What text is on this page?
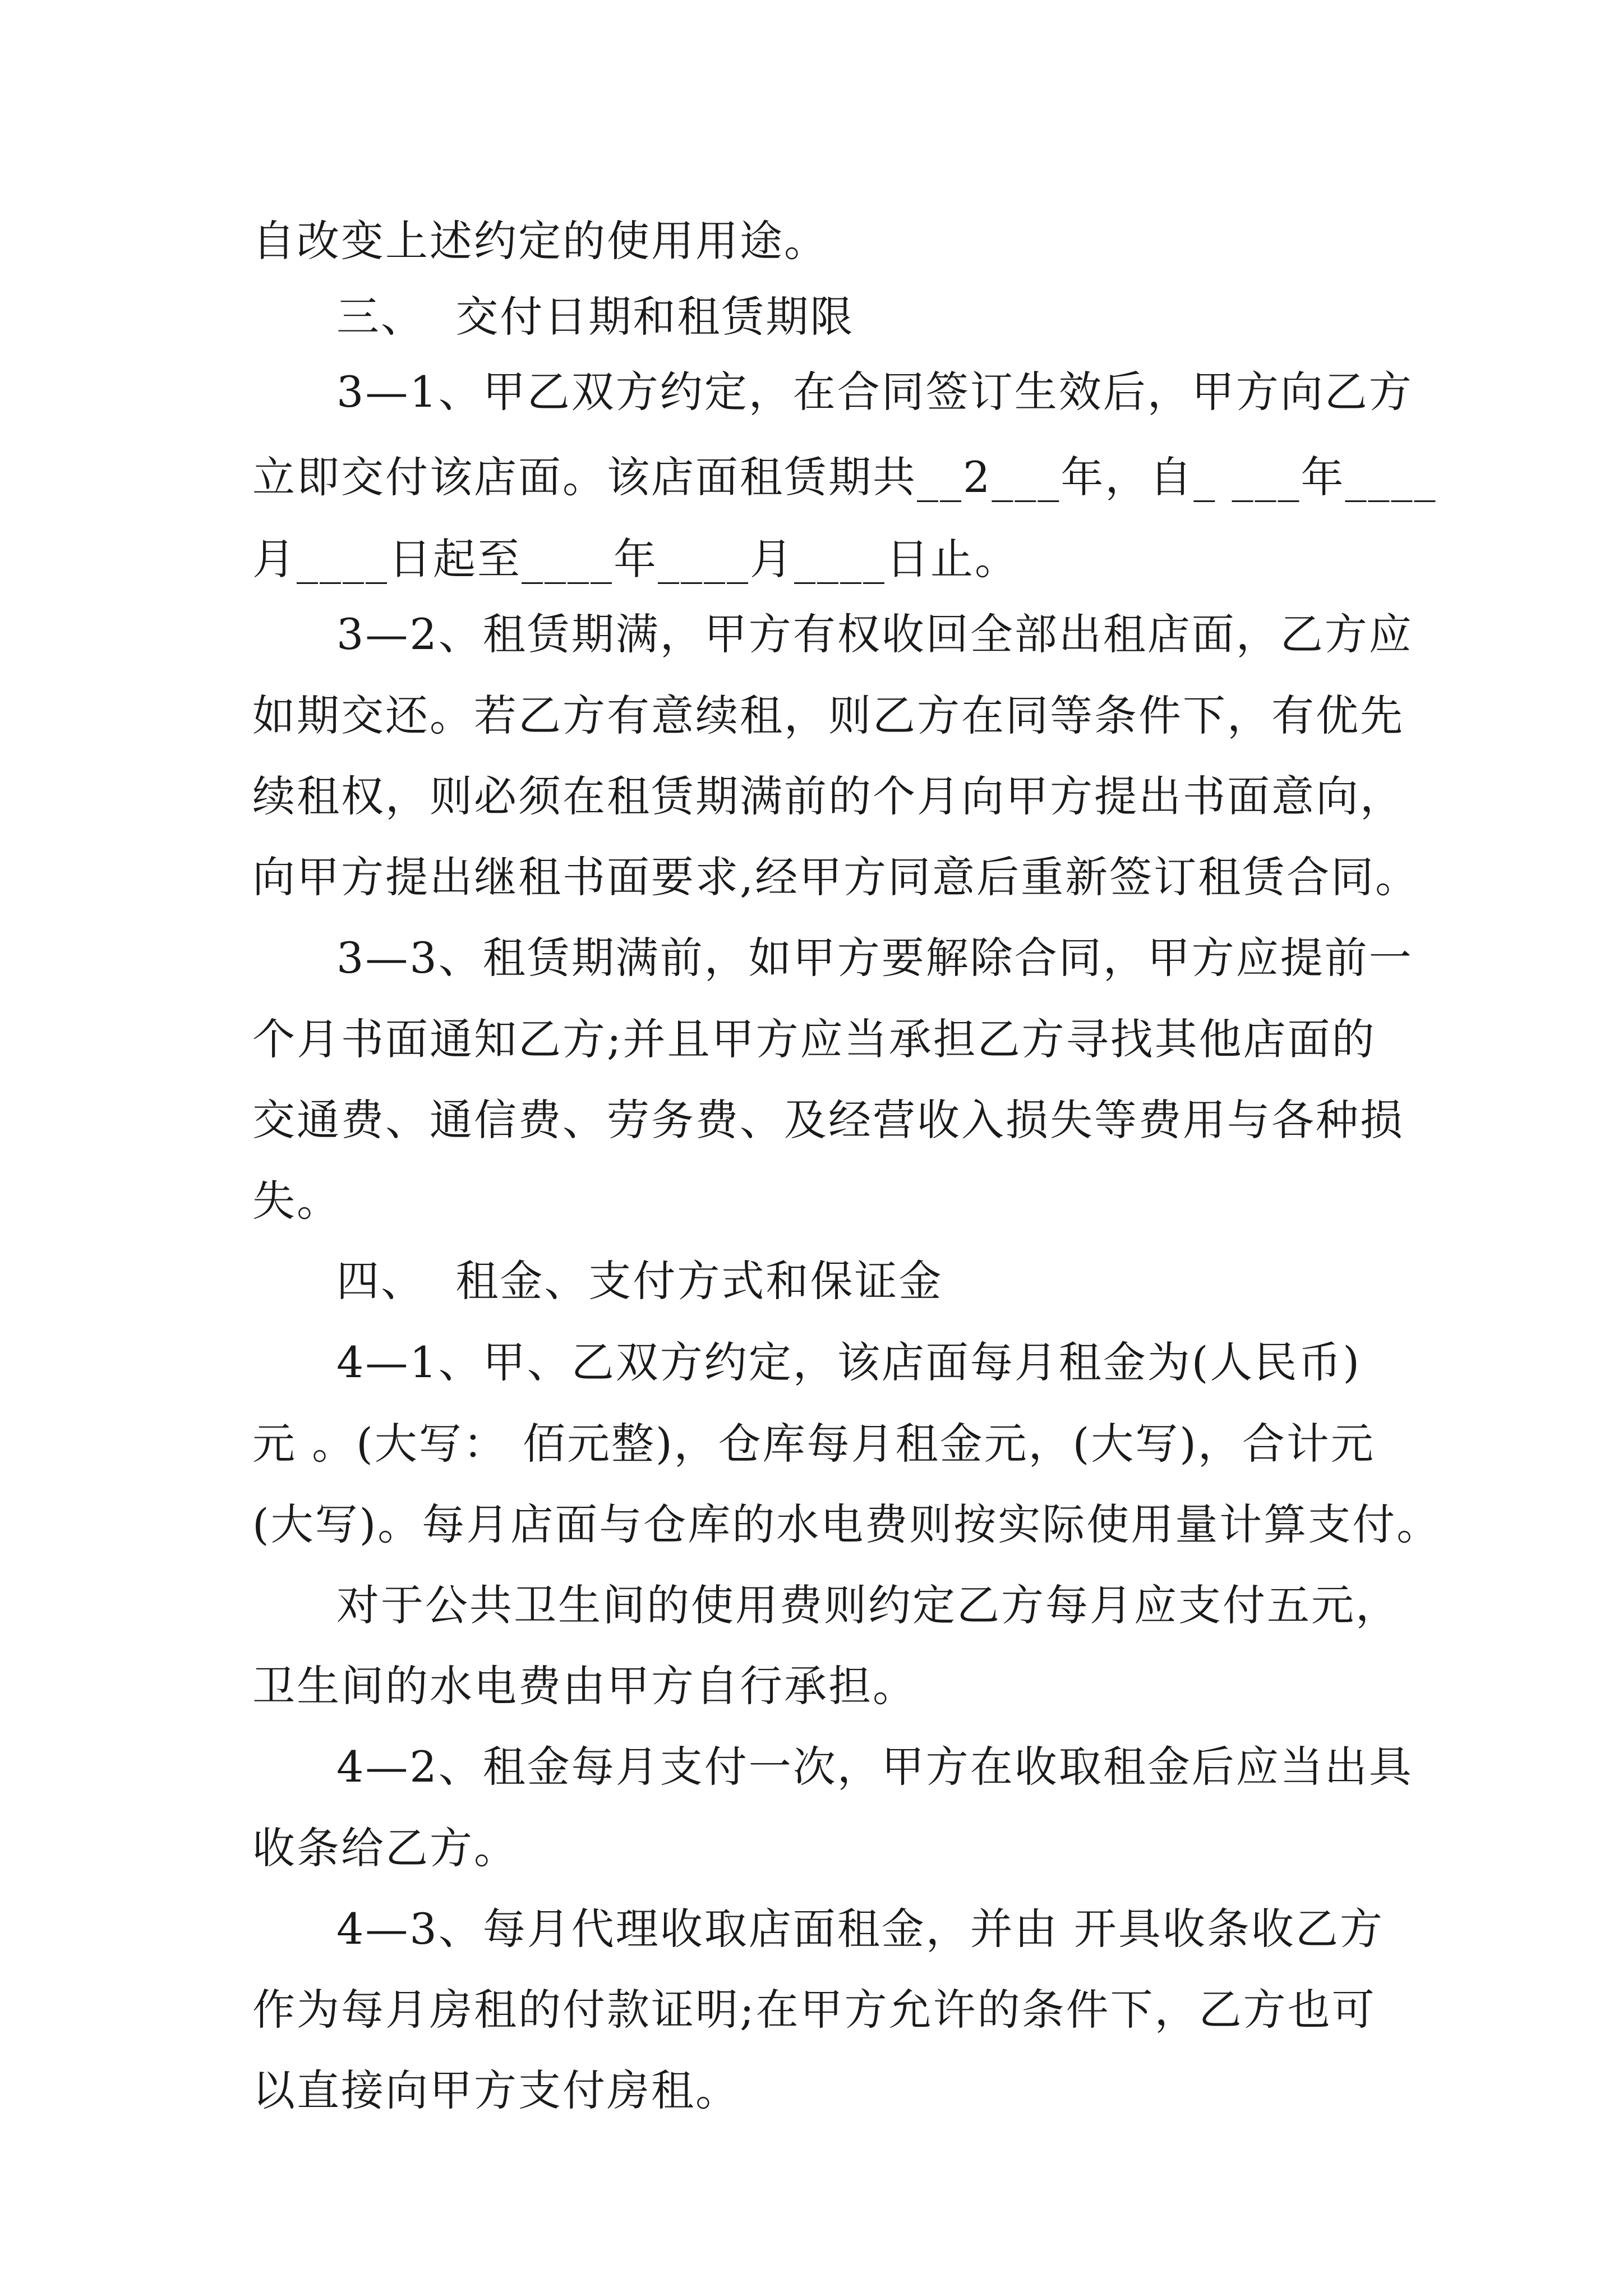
自改变上述约定的使用用途。
三、  交付日期和租赁期限
3—1、甲乙双方约定，在合同签订生效后，甲方向乙方
立即交付该店面。该店面租赁期共__2___年，自_ ___年____
月____日起至____年____月____日止。
3—2、租赁期满，甲方有权收回全部出租店面，乙方应
如期交还。若乙方有意续租，则乙方在同等条件下，有优先
续租权，则必须在租赁期满前的个月向甲方提出书面意向，
向甲方提出继租书面要求,经甲方同意后重新签订租赁合同。
3—3、租赁期满前，如甲方要解除合同，甲方应提前一
个月书面通知乙方;并且甲方应当承担乙方寻找其他店面的
交通费、通信费、劳务费、及经营收入损失等费用与各种损
失。
四、  租金、支付方式和保证金
4—1、甲、乙双方约定，该店面每月租金为(人民币)
元 。(大写： 佰元整)，仓库每月租金元，(大写)，合计元
(大写)。每月店面与仓库的水电费则按实际使用量计算支付。
对于公共卫生间的使用费则约定乙方每月应支付五元，
卫生间的水电费由甲方自行承担。
4—2、租金每月支付一次，甲方在收取租金后应当出具
收条给乙方。
4—3、每月代理收取店面租金，并由 开具收条收乙方
作为每月房租的付款证明;在甲方允许的条件下，乙方也可
以直接向甲方支付房租。
